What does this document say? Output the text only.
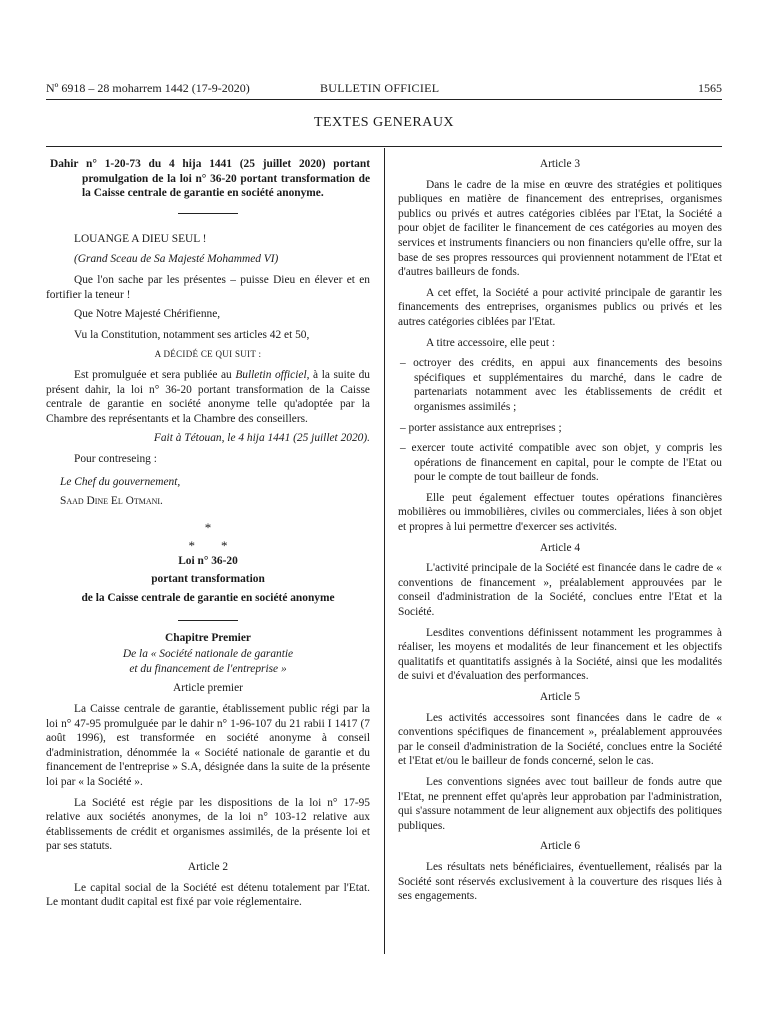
Nº 6918 – 28 moharrem 1442 (17-9-2020)	BULLETIN OFFICIEL	1565
TEXTES GENERAUX

Dahir n° 1-20-73 du 4 hija 1441 (25 juillet 2020) portant promulgation de la loi n° 36-20 portant transformation de la Caisse centrale de garantie en société anonyme.

LOUANGE A DIEU SEUL !

(Grand Sceau de Sa Majesté Mohammed VI)

Que l'on sache par les présentes – puisse Dieu en élever et en fortifier la teneur !

Que Notre Majesté Chérifienne,

Vu la Constitution, notamment ses articles 42 et 50,

A DÉCIDÉ CE QUI SUIT :

Est promulguée et sera publiée au Bulletin officiel, à la suite du présent dahir, la loi n° 36-20 portant transformation de la Caisse centrale de garantie en société anonyme telle qu'adoptée par la Chambre des représentants et la Chambre des conseillers.

Fait à Tétouan, le 4 hija 1441 (25 juillet 2020).

Pour contreseing :

Le Chef du gouvernement,

Saad Dine El Otmani.

*

*        *

Loi n° 36-20

portant transformation

de la Caisse centrale de garantie en société anonyme

Chapitre Premier

De la « Société nationale de garantie

et du financement de l'entreprise »

Article premier

La Caisse centrale de garantie, établissement public régi par la loi n° 47-95 promulguée par le dahir n° 1-96-107 du 21 rabii I 1417 (7 août 1996), est transformée en société anonyme à conseil d'administration, dénommée la « Société nationale de garantie et du financement de l'entreprise » S.A, désignée dans la suite de la présente loi par « la Société ».

La Société est régie par les dispositions de la loi n° 17-95 relative aux sociétés anonymes, de la loi n° 103-12 relative aux établissements de crédit et organismes assimilés, de la présente loi et par ses statuts.

Article 2

Le capital social de la Société est détenu totalement par l'Etat. Le montant dudit capital est fixé par voie réglementaire.

Article 3

Dans le cadre de la mise en œuvre des stratégies et politiques publiques en matière de financement des entreprises, organismes publics ou privés et autres catégories ciblées par l'Etat, la Société a pour objet de faciliter le financement de ces catégories au moyen des services et instruments financiers ou non financiers qu'elle offre, sur la base de ses propres ressources qui proviennent notamment de l'Etat et d'autres bailleurs de fonds.

A cet effet, la Société a pour activité principale de garantir les financements des entreprises, organismes publics ou privés et les autres catégories ciblées par l'Etat.

A titre accessoire, elle peut :

– octroyer des crédits, en appui aux financements des besoins spécifiques et supplémentaires du marché, dans le cadre de partenariats notamment avec les établissements de crédit et organismes assimilés ;

– porter assistance aux entreprises ;

– exercer toute activité compatible avec son objet, y compris les opérations de financement en capital, pour le compte de l'Etat ou pour le compte de tout bailleur de fonds.

Elle peut également effectuer toutes opérations financières mobilières ou immobilières, civiles ou commerciales, liées à son objet et propres à lui permettre d'exercer ses activités.

Article 4

L'activité principale de la Société est financée dans le cadre de « conventions de financement », préalablement approuvées par le conseil d'administration de la Société, conclues entre l'Etat et la Société.

Lesdites conventions définissent notamment les programmes à réaliser, les moyens et modalités de leur financement et les objectifs qualitatifs et quantitatifs assignés à la Société, ainsi que les modalités de suivi et d'évaluation des performances.

Article 5

Les activités accessoires sont financées dans le cadre de « conventions spécifiques de financement », préalablement approuvées par le conseil d'administration de la Société, conclues entre la Société et l'Etat et/ou le bailleur de fonds concerné, selon le cas.

Les conventions signées avec tout bailleur de fonds autre que l'Etat, ne prennent effet qu'après leur approbation par l'administration, qui s'assure notamment de leur alignement aux objectifs des politiques publiques.

Article 6

Les résultats nets bénéficiaires, éventuellement, réalisés par la Société sont réservés exclusivement à la couverture des risques liés à ses engagements.
